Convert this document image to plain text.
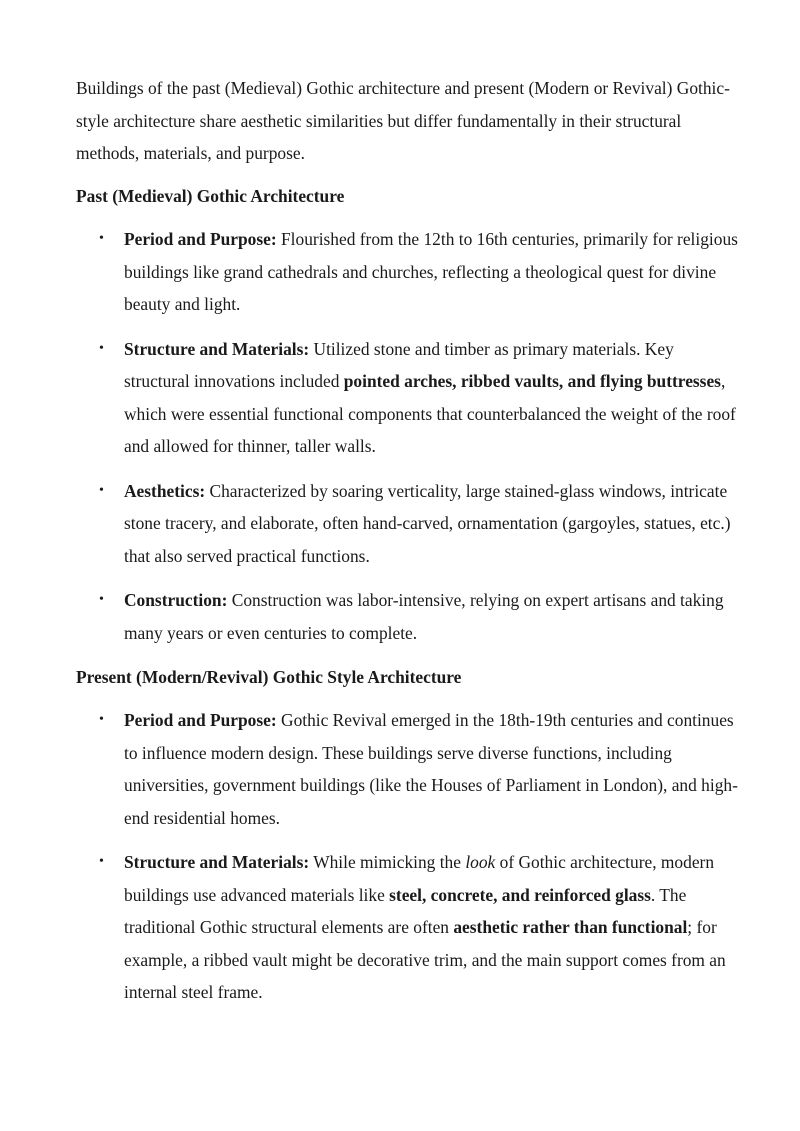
Buildings of the past (Medieval) Gothic architecture and present (Modern or Revival) Gothic-style architecture share aesthetic similarities but differ fundamentally in their structural methods, materials, and purpose.

Past (Medieval) Gothic Architecture
• Period and Purpose: Flourished from the 12th to 16th centuries, primarily for religious buildings like grand cathedrals and churches, reflecting a theological quest for divine beauty and light.
• Structure and Materials: Utilized stone and timber as primary materials. Key structural innovations included pointed arches, ribbed vaults, and flying buttresses, which were essential functional components that counterbalanced the weight of the roof and allowed for thinner, taller walls.
• Aesthetics: Characterized by soaring verticality, large stained-glass windows, intricate stone tracery, and elaborate, often hand-carved, ornamentation (gargoyles, statues, etc.) that also served practical functions.
• Construction: Construction was labor-intensive, relying on expert artisans and taking many years or even centuries to complete.
Present (Modern/Revival) Gothic Style Architecture
• Period and Purpose: Gothic Revival emerged in the 18th-19th centuries and continues to influence modern design. These buildings serve diverse functions, including universities, government buildings (like the Houses of Parliament in London), and high-end residential homes.
• Structure and Materials: While mimicking the look of Gothic architecture, modern buildings use advanced materials like steel, concrete, and reinforced glass. The traditional Gothic structural elements are often aesthetic rather than functional; for example, a ribbed vault might be decorative trim, and the main support comes from an internal steel frame.
